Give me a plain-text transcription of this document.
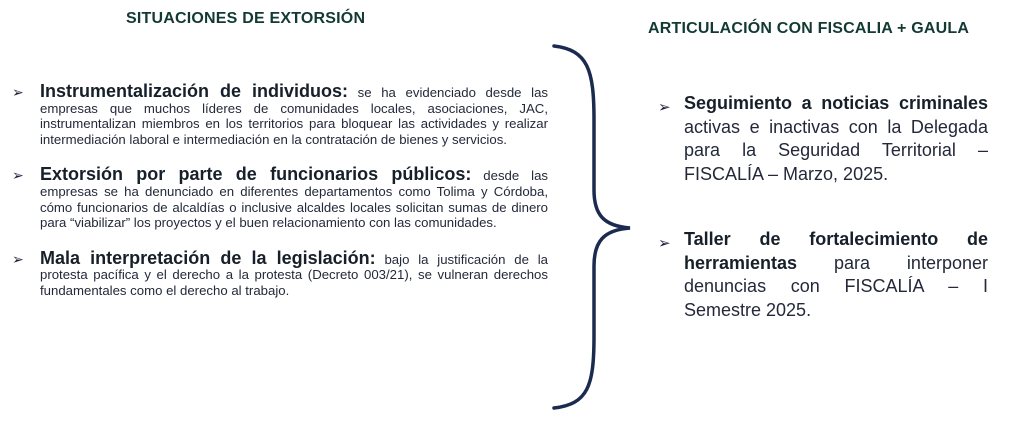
SITUACIONES DE EXTORSIÓN
ARTICULACIÓN CON FISCALIA + GAULA
➢ Instrumentalización de individuos: se ha evidenciado desde las empresas que muchos líderes de comunidades locales, asociaciones, JAC, instrumentalizan miembros en los territorios para bloquear las actividades y realizar intermediación laboral e intermediación en la contratación de bienes y servicios.
➢ Extorsión por parte de funcionarios públicos: desde las empresas se ha denunciado en diferentes departamentos como Tolima y Córdoba, cómo funcionarios de alcaldías o inclusive alcaldes locales solicitan sumas de dinero para “viabilizar” los proyectos y el buen relacionamiento con las comunidades.
➢ Mala interpretación de la legislación: bajo la justificación de la protesta pacífica y el derecho a la protesta (Decreto 003/21), se vulneran derechos fundamentales como el derecho al trabajo.
➢ Seguimiento a noticias criminales activas e inactivas con la Delegada para la Seguridad Territorial – FISCALÍA – Marzo, 2025.
➢ Taller de fortalecimiento de herramientas para interponer denuncias con FISCALÍA – I Semestre 2025.
